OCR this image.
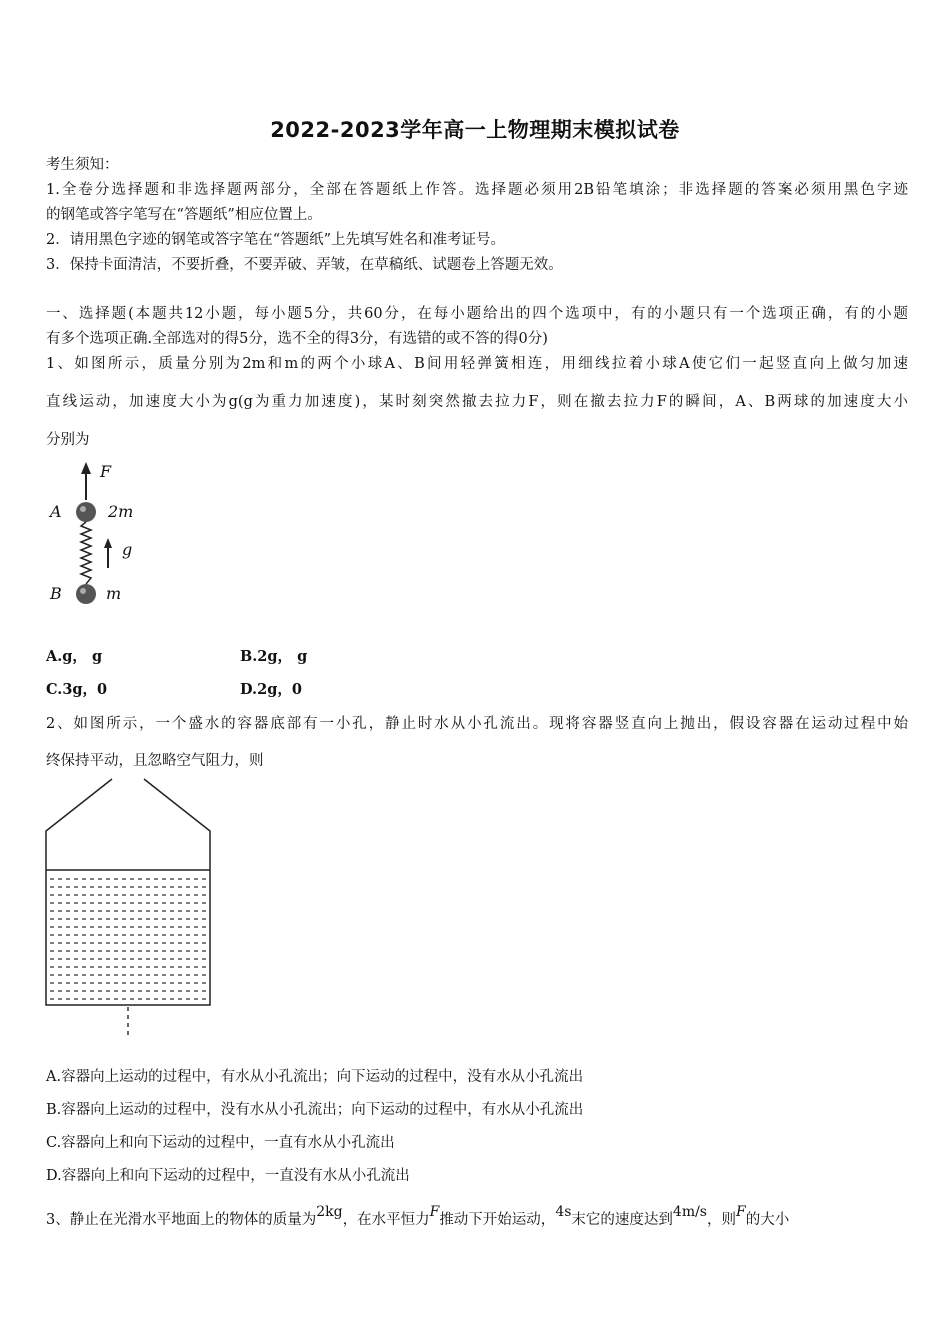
2022-2023学年高一上物理期末模拟试卷
考生须知：
1.全卷分选择题和非选择题两部分，全部在答题纸上作答。选择题必须用2B铅笔填涂；非选择题的答案必须用黑色字迹
的钢笔或答字笔写在“答题纸”相应位置上。
2．请用黑色字迹的钢笔或答字笔在“答题纸”上先填写姓名和准考证号。
3．保持卡面清洁，不要折叠，不要弄破、弄皱，在草稿纸、试题卷上答题无效。
一、选择题(本题共12小题，每小题5分，共60分，在每小题给出的四个选项中，有的小题只有一个选项正确，有的小题
有多个选项正确.全部选对的得5分，选不全的得3分，有选错的或不答的得0分)
1、如图所示，质量分别为2m和m的两个小球A、B间用轻弹簧相连，用细线拉着小球A使它们一起竖直向上做匀加速
直线运动，加速度大小为g(g为重力加速度)，某时刻突然撤去拉力F，则在撤去拉力F的瞬间，A、B两球的加速度大小
分别为
F
A	2m
g
B	m
A.g， g	B.2g， g
C.3g，0	D.2g，0
2、如图所示，一个盛水的容器底部有一小孔，静止时水从小孔流出。现将容器竖直向上抛出，假设容器在运动过程中始
终保持平动，且忽略空气阻力，则
A.容器向上运动的过程中，有水从小孔流出；向下运动的过程中，没有水从小孔流出
B.容器向上运动的过程中，没有水从小孔流出；向下运动的过程中，有水从小孔流出
C.容器向上和向下运动的过程中，一直有水从小孔流出
D.容器向上和向下运动的过程中，一直没有水从小孔流出
3、静止在光滑水平地面上的物体的质量为2kg，在水平恒力F推动下开始运动，4s末它的速度达到4m/s，则F的大小
